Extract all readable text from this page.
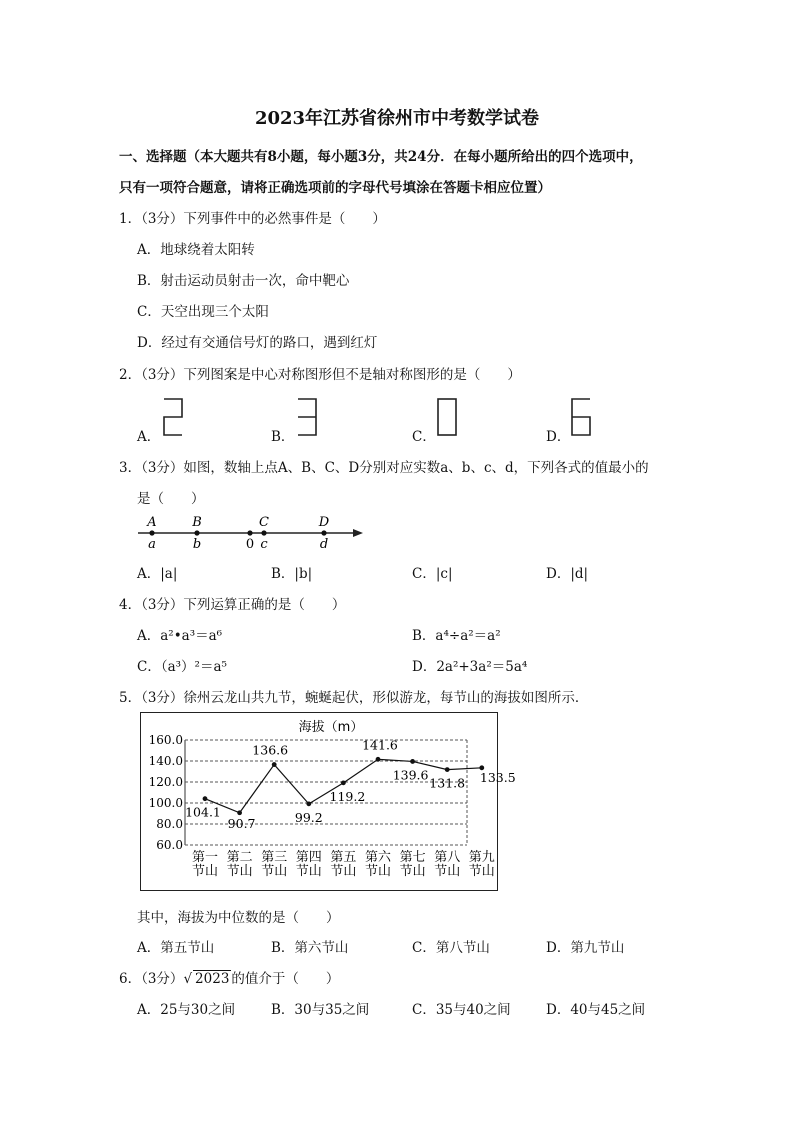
2023年江苏省徐州市中考数学试卷
一、选择题（本大题共有8小题，每小题3分，共24分．在每小题所给出的四个选项中，
只有一项符合题意，请将正确选项前的字母代号填涂在答题卡相应位置）
1．（3分）下列事件中的必然事件是（　　）
A．地球绕着太阳转
B．射击运动员射击一次，命中靶心
C．天空出现三个太阳
D．经过有交通信号灯的路口，遇到红灯
2．（3分）下列图案是中心对称图形但不是轴对称图形的是（　　）
A．	B．	C．	D．
3．（3分）如图，数轴上点A、B、C、D分别对应实数a、b、c、d，下列各式的值最小的
是（　　）
A
a
B
b	0
C
c
D
d
A．|a|	B．|b|	C．|c|	D．|d|
4．（3分）下列运算正确的是（　　）
A．a²•a³＝a⁶	B．a⁴÷a²＝a²
C．（a³）²＝a⁵	D．2a²+3a²＝5a⁴
5．（3分）徐州云龙山共九节，蜿蜒起伏，形似游龙，每节山的海拔如图所示．
海拔（m）
60.0
80.0
100.0
120.0
140.0
160.0
104.1
90.7
136.6
99.2
119.2
141.6
139.6
131.8 133.5
第一
节山
第二
节山
第三
节山
第四
节山
第五
节山
第六
节山
第七
节山
第八
节山
第九
节山
其中，海拔为中位数的是（　　）
A．第五节山	B．第六节山	C．第八节山	D．第九节山
6．（3分）√ 2023 的值介于（　　）
A．25与30之间	B．30与35之间	C．35与40之间	D．40与45之间
